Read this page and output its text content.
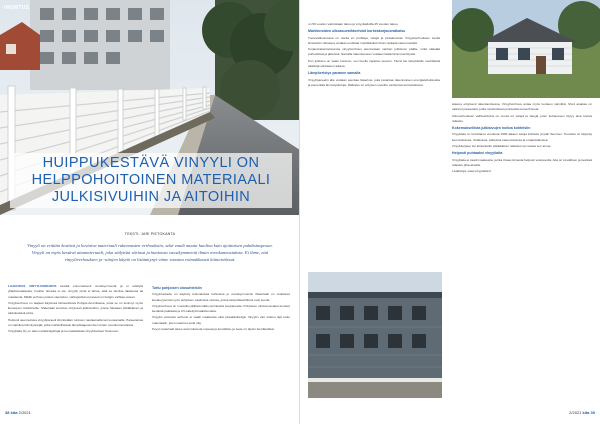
IMORTUS
HUIPPUKESTÄVÄ VINYYLI ON HELPPOHOITOINEN MATERIAALI JULKISIVUIHIN JA AITOIHIN
TEKSTI: JARI PIETOKANTA

Vinyyli on erittäin kestävä ja koviniva materiaali rakennusten verhouksiin, sekä vaadi muuta huoltoa kuin ajoittaisen puhdistuspesun. Vinyyli on myös kestävä aitamateriaali, joka säilyttää värinsä ja kuntonsa vuosikymmeniä ilman ovenkunnostuksia. Ei ihme, että vinyyliverhouksen ja -aitojen käyttö on lisääntynyt viime vuosina voimakkaasti kiinteistöissä.

LAADUKAS VINYYLIVERHOUS kestää erinomaisesti vuosikymmeniä ja ei edellytä ylläpitomaalausta, huollon tarvetta ei ole, vinyylin pinta ei lahoa, eikä se tarvitse lakkausta tai maalausta. Mikäli verhous joskus vaurioituu, vahingoittunut paneeli on helppo vaihtaa uuteen.

Vinyyliverhous on laajasti käytössä kiinteistöissä Pohjois-Amerikassa, josta se on levinnyt myös Euroopan markkinoille. Materiaali soveltuu erityisesti julkisivuihin, joissa halutaan pitkäikäinen ja säänkestävä pinta.

Helposti asennettava vinyylipaneeli kiinnitetään runkoon naulaamalla tai ruuvaamalla. Paneeleissa on valmiina kiinnitysreijät, jotka mahdollistavat lämpölaajenemisen ilman muodonmuutoksia.

Vinyyliaita Oy on alan markkinajohtaja ja tuo laadukkaat vinyylituotteet Suomeen.

Tuttu pohjoisen olosuhteisiin

Vinyylituotteita on käytetty kotimaisissa kohteissa jo vuosikymmeniä. Materiaali on osoittanut kestävyytensä myös pohjoisen vaativissa oloissa, joissa lämpötilavaihtelut ovat suuria.

Vinyyliverhous on muotoiltu jäljittelemään perinteistä puupaneelia. Pohjoisen oloissa testatut tuotteet kestävät pakkasta ja UV-säteilyä haalistumatta.

Vinyylin ansiosta verhous ei vaadi maalausta eikä pintakäsittelyjä. Vinyylin väri ulottuu läpi koko materiaalin, joten naarmut eivät näy.

Kevyt materiaali tekee asennuksesta nopeaa ja turvallista, ja tuote on täysin kierrätettävä.

38 kita 2/2021

on 50 vuoden valmistajan takuu ja vinyyliaidoilla 25 vuoden takuu.

Markkinoiden ulkoasuvaihtoehdot korkeakorjausratkaisu

Tuotevalikoimassa on useita eri profiileja, värejä ja pintakuvioita. Vinyyliverhouksen avulla kiinteistön ulkoasua voidaan uudistaa merkittävästi ilman raskaita rakennustöitä.

Korjausrakentamisessa vinyyliverhous asennetaan vanhan julkisivun päälle, mikä säästää purkutöissä ja jätteissä. Samalla rakenteeseen voidaan lisätä lämmöneristystä.

Kun julkisivu on saatu kuntoon, sen huolto rajoittuu pesuun. Tämä tuo taloyhtiöille merkittäviä säästöjä elinkaaren aikana.

Lämpöeristys paranee samalla

Vinyylipaneelin alle voidaan asentaa lisäeriste, joka parantaa rakennuksen energiatehokkuutta ja pienentää lämmityskuluja. Ratkaisu on erityisen suosittu vanhoissa kerrostaloissa.

isäema erityisesti rakentamisessa. Vinyyliverhous antaa myös tuotteen valmiiksi. Moni asiakas on valinnut paneeleita, jotka muistuttavat perinteistä puuverhousta.

Ulkoverhouksen vaihtoehtoina on monia eri värejä ja sävyjä, joten kohteeseen löytyy aina sopiva ratkaisu.

Kokemuksellista julkisivujen hoitoa kohteisiin

Vinyyliaita on toimittanut vuodesta 1990 alkaen satoja kohteita ympäri Suomen. Tuotteita on käytetty kerrostaloissa, rivitaloissa, julkisissa rakennuksissa ja omakotitaloissa.

Vinyylikorjaus tuo kiinteistölle pitkäikäisen ratkaisun ja nostaa sen arvoa.

Helposti puhtaaksi vinyyliaita

Vinyyliaita ei vaadi maalausta, ja lika irtoaa pinnasta helposti vesipesulla. Aita on turvallinen ja kestävä ratkaisu piha-alueille.

Lisätietoja: www.vinyyliaita.fi

2/2021 kita 39
